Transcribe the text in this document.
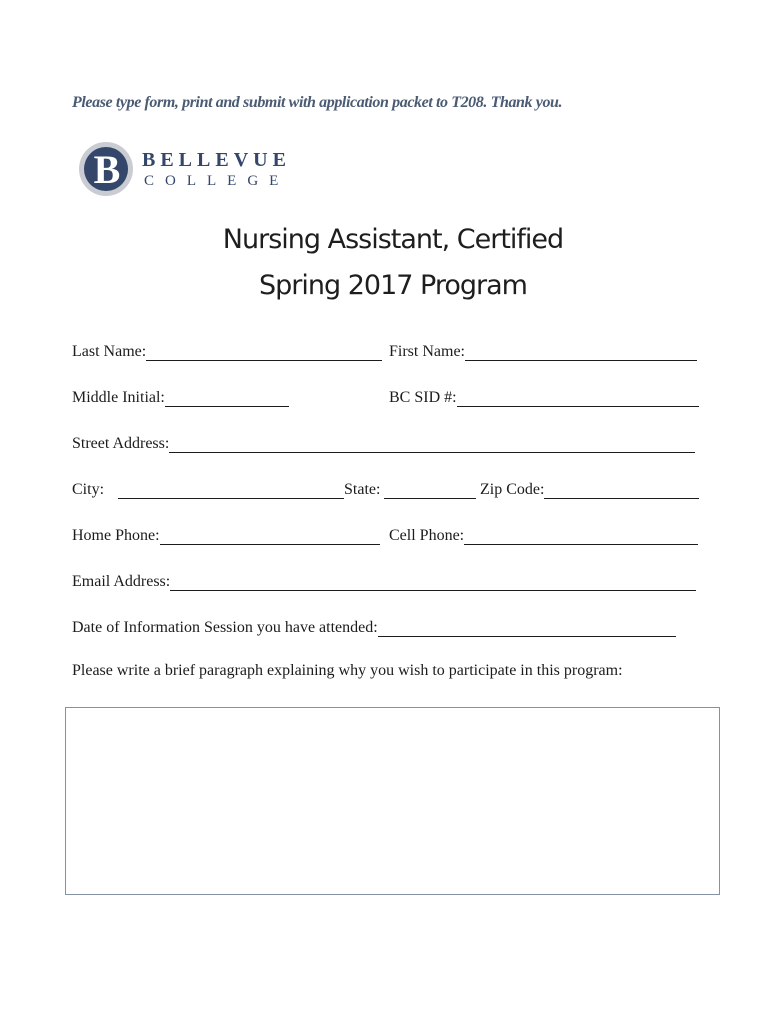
Please type form, print and submit with application packet to T208. Thank you.
B BELLEVUE
COLLEGE
Nursing Assistant, Certified
Spring 2017 Program
Last Name:	First Name:
Middle Initial:	BC SID #:
Street Address:
City:	State:	Zip Code:
Home Phone:	Cell Phone:
Email Address:
Date of Information Session you have attended:
Please write a brief paragraph explaining why you wish to participate in this program:
